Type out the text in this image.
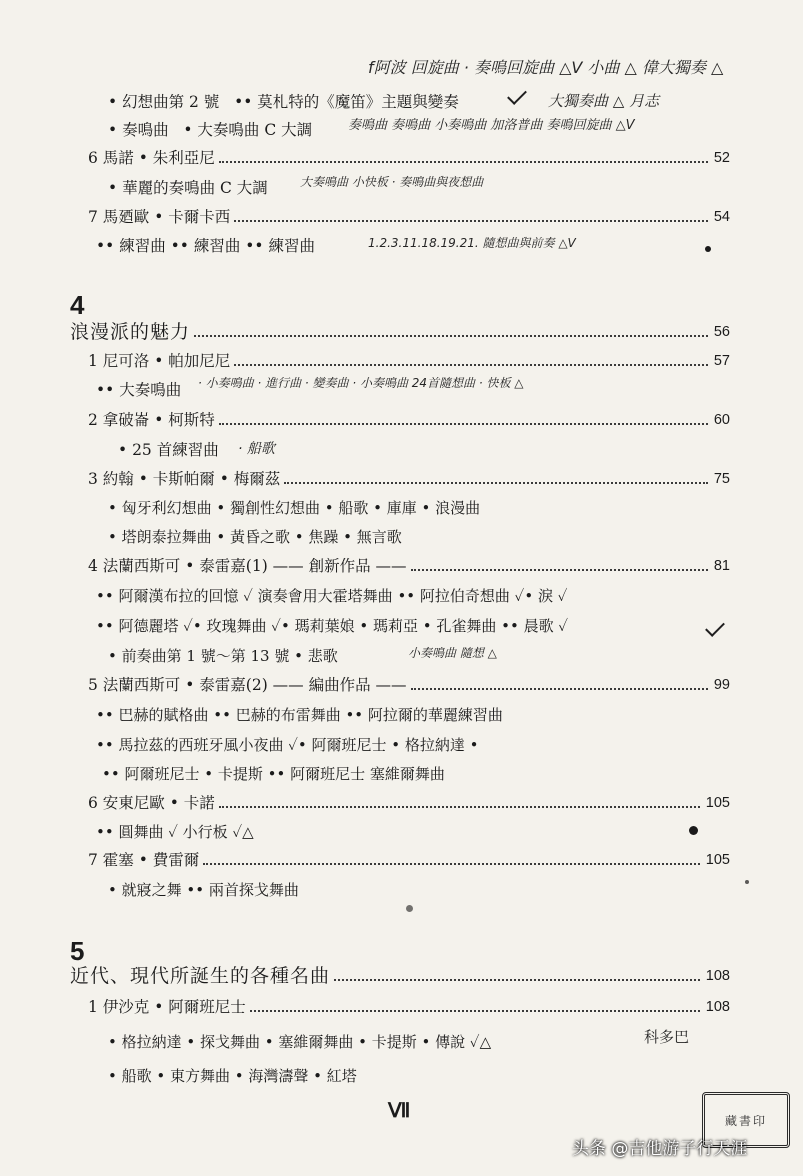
f阿波 回旋曲 · 奏鳴回旋曲 △V 小曲 △ 偉大獨奏 △
• 幻想曲第 2 號 •• 莫札特的《魔笛》主題與變奏	大獨奏曲 △ 月志
• 奏鳴曲 • 大奏鳴曲 C 大調	奏鳴曲 奏鳴曲 小奏鳴曲 加洛普曲 奏鳴回旋曲 △V
6 馬諾 • 朱利亞尼	52
• 華麗的奏鳴曲 C 大調	大奏鳴曲 小快板 · 奏鳴曲與夜想曲
7 馬廼歐 • 卡爾卡西	54
•• 練習曲 •• 練習曲 •• 練習曲	1.2.3.11.18.19.21. 隨想曲與前奏 △V
4
浪漫派的魅力	56
1 尼可洛 • 帕加尼尼	57
•• 大奏鳴曲 · 小奏鳴曲 · 進行曲 · 變奏曲 · 小奏鳴曲 24首隨想曲 · 快板 △
2 拿破崙 • 柯斯特	60
• 25 首練習曲 · 船歌
3 約翰 • 卡斯帕爾 • 梅爾茲	75
• 匈牙利幻想曲 • 獨創性幻想曲 • 船歌 • 庫庫 • 浪漫曲
• 塔朗泰拉舞曲 • 黃昏之歌 • 焦躁 • 無言歌
4 法蘭西斯可 • 泰雷嘉(1) —— 創新作品 ——	81
•• 阿爾漢布拉的回憶 ✓ 演奏會用大霍塔舞曲 •• 阿拉伯奇想曲 ✓• 淚 ✓
•• 阿德麗塔 ✓• 玫瑰舞曲 ✓• 瑪莉葉娘 • 瑪莉亞 • 孔雀舞曲 •• 晨歌 ✓
• 前奏曲第 1 號～第 13 號 • 悲歌	小奏鳴曲 隨想 △
5 法蘭西斯可 • 泰雷嘉(2) —— 編曲作品 ——	99
•• 巴赫的賦格曲 •• 巴赫的布雷舞曲 •• 阿拉爾的華麗練習曲
•• 馬拉茲的西班牙風小夜曲 ✓• 阿爾班尼士 • 格拉納達 •
•• 阿爾班尼士 • 卡提斯 •• 阿爾班尼士 塞維爾舞曲
6 安東尼歐 • 卡諾	105
•• 圓舞曲 ✓ 小行板 ✓△
7 霍塞 • 費雷爾	105
• 就寢之舞 •• 兩首探戈舞曲
5
近代、現代所誕生的各種名曲	108
1 伊沙克 • 阿爾班尼士	108
• 格拉納達 • 探戈舞曲 • 塞維爾舞曲 • 卡提斯 • 傳說 ✓△	科多巴
• 船歌 • 東方舞曲 • 海灣濤聲 • 紅塔
Ⅶ	藏書印
头条 @吉他游子行天涯
